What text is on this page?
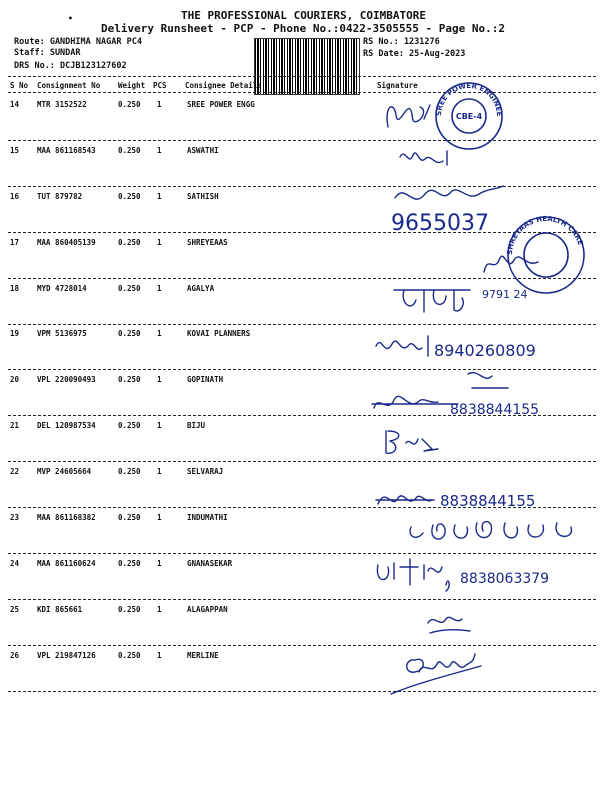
THE PROFESSIONAL COURIERS, COIMBATORE
•
Delivery Runsheet - PCP - Phone No.:0422-3505555 - Page No.:2
Route: GANDHIMA NAGAR PC4
Staff: SUNDAR
DRS No.: DCJB123127602
RS No.: 1231276
RS Date: 25-Aug-2023
S No Consignment No Weight PCS Consignee Details	Signature
14 MTR 3152522	0.250 1	SREE POWER ENGG
15 MAA 861168543	0.250 1	ASWATHI
16 TUT 879782	0.250 1	SATHISH
17 MAA 860405139	0.250 1	SHREYEAAS
18 MYD 4728014	0.250 1	AGALYA
19 VPM 5136975	0.250 1	KOVAI PLANNERS
20 VPL 220090493	0.250 1	GOPINATH
21 DEL 120987534	0.250 1	BIJU
22 MVP 24605664	0.250 1	SELVARAJ
23 MAA 861168382	0.250 1	INDUMATHI
24 MAA 861160624	0.250 1	GNANASEKAR
25 KDI 865661	0.250 1	ALAGAPPAN
26 VPL 219847126	0.250 1	MERLINE
SREE POWER ENGINEERING
CBE-4
9655037
SHREYAAS HEALTH CARE
9791 24
8940260809
8838844155
8838844155
8838063379
